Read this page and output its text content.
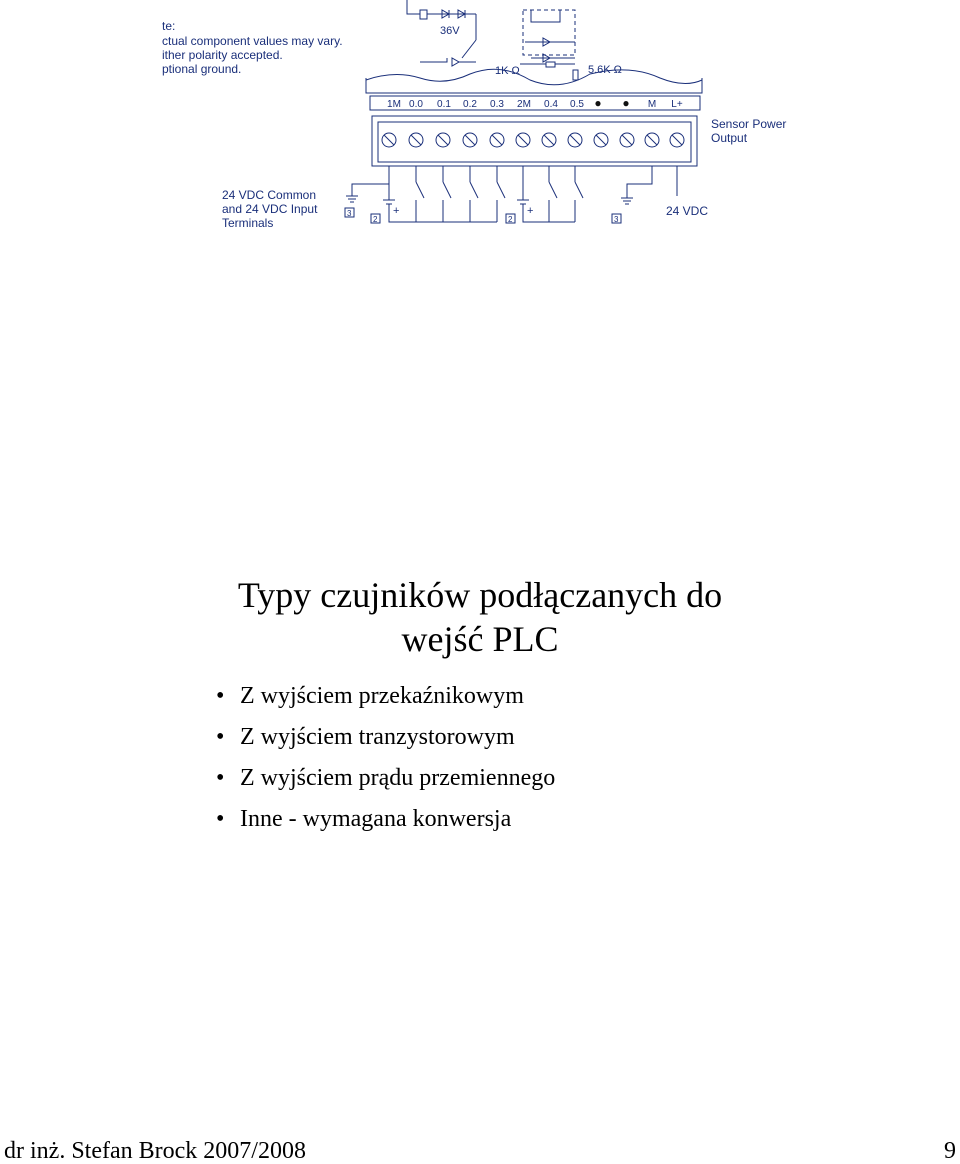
te:
ctual component values may vary.
ither polarity accepted.
ptional ground.
36V
1K Ω	5.6K Ω
1M 0.0 0.1 0.2 0.3 2M 0.4 0.5 ● ● M L+
+	+
3
2	2	3
Sensor Power
Output
24 VDC Common
and 24 VDC Input
Terminals
24 VDC
Typy czujników podłączanych do
wejść PLC
• Z wyjściem przekaźnikowym
• Z wyjściem tranzystorowym
• Z wyjściem prądu przemiennego
• Inne - wymagana konwersja
dr inż. Stefan Brock 2007/2008	9
